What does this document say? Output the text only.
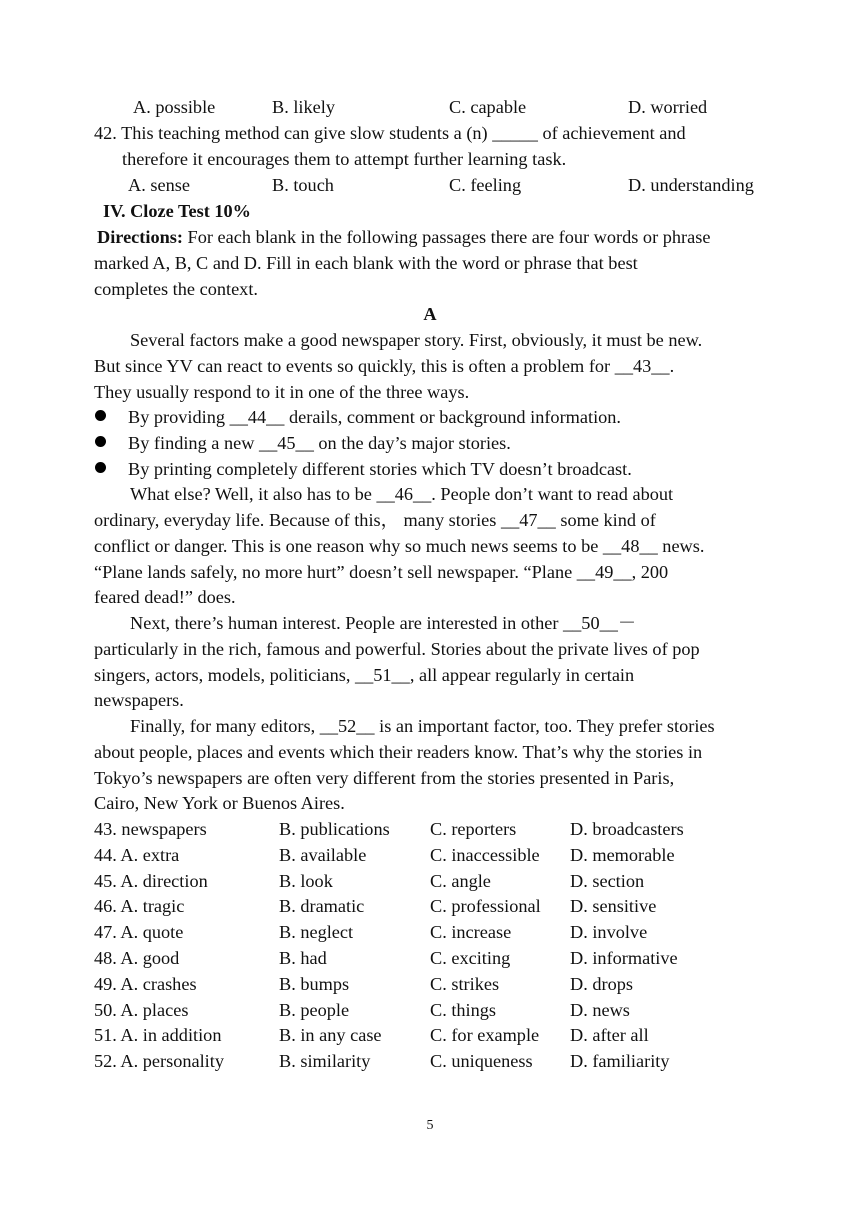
A. possible	B. likely	C. capable	D. worried
42. This teaching method can give slow students a (n) _____ of achievement and
therefore it encourages them to attempt further learning task.
A. sense	B. touch	C. feeling	D. understanding
IV. Cloze Test 10%
Directions: For each blank in the following passages there are four words or phrase
marked A, B, C and D. Fill in each blank with the word or phrase that best
completes the context.
A
Several factors make a good newspaper story. First, obviously, it must be new.
But since YV can react to events so quickly, this is often a problem for __43__.
They usually respond to it in one of the three ways.
By providing __44__ derails, comment or background information.
By finding a new __45__ on the day’s major stories.
By printing completely different stories which TV doesn’t broadcast.
What else? Well, it also has to be __46__. People don’t want to read about
ordinary, everyday life. Because of this， many stories __47__ some kind of
conflict or danger. This is one reason why so much news seems to be __48__ news.
“Plane lands safely, no more hurt” doesn’t sell newspaper. “Plane __49__, 200
feared dead!” does.
Next, there’s human interest. People are interested in other __50__－
particularly in the rich, famous and powerful. Stories about the private lives of pop
singers, actors, models, politicians, __51__, all appear regularly in certain
newspapers.
Finally, for many editors, __52__ is an important factor, too. They prefer stories
about people, places and events which their readers know. That’s why the stories in
Tokyo’s newspapers are often very different from the stories presented in Paris,
Cairo, New York or Buenos Aires.
43. newspapers	B. publications C. reporters	D. broadcasters
44. A. extra	B. available	C. inaccessible D. memorable
45. A. direction	B. look	C. angle	D. section
46. A. tragic	B. dramatic	C. professional D. sensitive
47. A. quote	B. neglect	C. increase	D. involve
48. A. good	B. had	C. exciting	D. informative
49. A. crashes	B. bumps	C. strikes	D. drops
50. A. places	B. people	C. things	D. news
51. A. in addition	B. in any case	C. for example D. after all
52. A. personality	B. similarity	C. uniqueness D. familiarity
5
